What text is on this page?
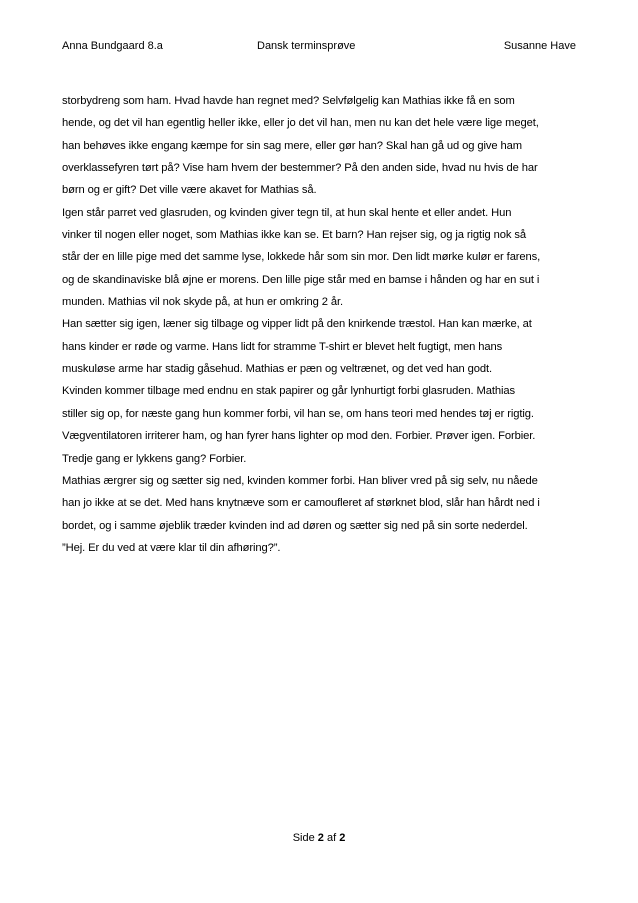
Anna Bundgaard 8.a	Dansk terminsprøve	Susanne Have
storbydreng som ham. Hvad havde han regnet med? Selvfølgelig kan Mathias ikke få en som
hende, og det vil han egentlig heller ikke, eller jo det vil han, men nu kan det hele være lige meget,
han behøves ikke engang kæmpe for sin sag mere, eller gør han? Skal han gå ud og give ham
overklassefyren tørt på? Vise ham hvem der bestemmer? På den anden side, hvad nu hvis de har
børn og er gift? Det ville være akavet for Mathias så.
Igen står parret ved glasruden, og kvinden giver tegn til, at hun skal hente et eller andet. Hun
vinker til nogen eller noget, som Mathias ikke kan se. Et barn? Han rejser sig, og ja rigtig nok så
står der en lille pige med det samme lyse, lokkede hår som sin mor. Den lidt mørke kulør er farens,
og de skandinaviske blå øjne er morens. Den lille pige står med en bamse i hånden og har en sut i
munden. Mathias vil nok skyde på, at hun er omkring 2 år.
Han sætter sig igen, læner sig tilbage og vipper lidt på den knirkende træstol. Han kan mærke, at
hans kinder er røde og varme. Hans lidt for stramme T-shirt er blevet helt fugtigt, men hans
muskuløse arme har stadig gåsehud. Mathias er pæn og veltrænet, og det ved han godt.
Kvinden kommer tilbage med endnu en stak papirer og går lynhurtigt forbi glasruden. Mathias
stiller sig op, for næste gang hun kommer forbi, vil han se, om hans teori med hendes tøj er rigtig.
Vægventilatoren irriterer ham, og han fyrer hans lighter op mod den. Forbier. Prøver igen. Forbier.
Tredje gang er lykkens gang? Forbier.
Mathias ærgrer sig og sætter sig ned, kvinden kommer forbi. Han bliver vred på sig selv, nu nåede
han jo ikke at se det. Med hans knytnæve som er camoufleret af størknet blod, slår han hårdt ned i
bordet, og i samme øjeblik træder kvinden ind ad døren og sætter sig ned på sin sorte nederdel.
”Hej. Er du ved at være klar til din afhøring?”.
Side 2 af 2
